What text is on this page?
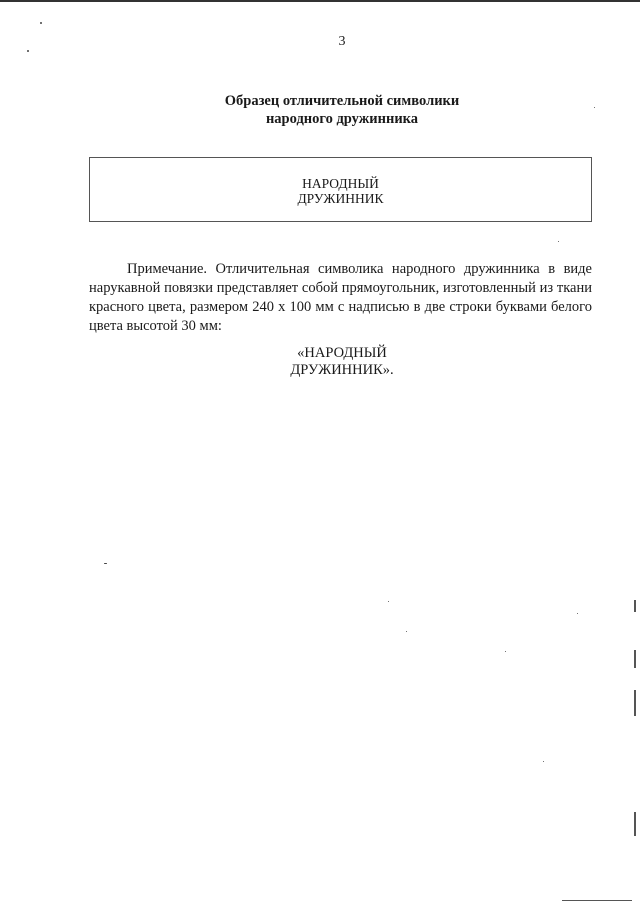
3
Образец отличительной символики
народного дружинника
НАРОДНЫЙ
ДРУЖИННИК
Примечание. Отличительная символика народного дружинника в виде нарукавной повязки представляет собой прямоугольник, изготовленный из ткани красного цвета, размером 240 x 100 мм с надписью в две строки буквами белого цвета высотой 30 мм:
«НАРОДНЫЙ
ДРУЖИННИК».
